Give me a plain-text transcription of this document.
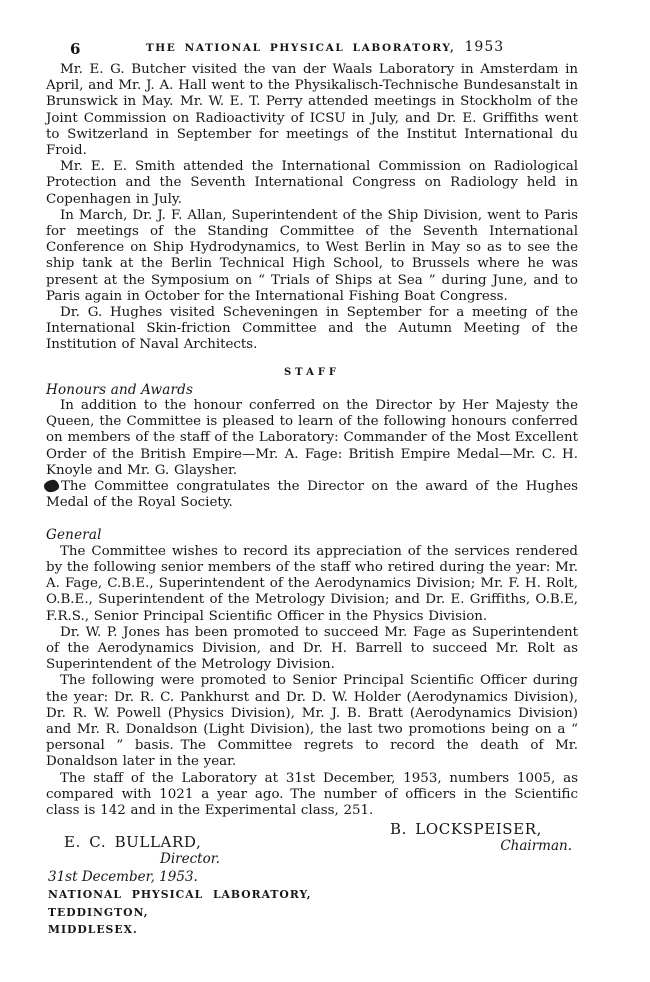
6	THE NATIONAL PHYSICAL LABORATORY, 1953

Mr. E. G. Butcher visited the van der Waals Laboratory in Amsterdam in April, and Mr. J. A. Hall went to the Physikalisch-Technische Bundesanstalt in Brunswick in May. Mr. W. E. T. Perry attended meetings in Stockholm of the Joint Commission on Radioactivity of ICSU in July, and Dr. E. Griffiths went to Switzerland in September for meetings of the Institut International du Froid.

Mr. E. E. Smith attended the International Commission on Radiological Protection and the Seventh International Congress on Radiology held in Copenhagen in July.

In March, Dr. J. F. Allan, Superintendent of the Ship Division, went to Paris for meetings of the Standing Committee of the Seventh International Conference on Ship Hydrodynamics, to West Berlin in May so as to see the ship tank at the Berlin Technical High School, to Brussels where he was present at the Symposium on “ Trials of Ships at Sea ” during June, and to Paris again in October for the International Fishing Boat Congress.

Dr. G. Hughes visited Scheveningen in September for a meeting of the International Skin-friction Committee and the Autumn Meeting of the Institution of Naval Architects.

STAFF
Honours and Awards

In addition to the honour conferred on the Director by Her Majesty the Queen, the Committee is pleased to learn of the following honours conferred on members of the staff of the Laboratory: Commander of the Most Excellent Order of the British Empire—Mr. A. Fage: British Empire Medal—Mr. C. H. Knoyle and Mr. G. Glaysher.

The Committee congratulates the Director on the award of the Hughes Medal of the Royal Society.

General

The Committee wishes to record its appreciation of the services rendered by the following senior members of the staff who retired during the year: Mr. A. Fage, C.B.E., Superintendent of the Aerodynamics Division; Mr. F. H. Rolt, O.B.E., Superintendent of the Metrology Division; and Dr. E. Griffiths, O.B.E, F.R.S., Senior Principal Scientific Officer in the Physics Division.

Dr. W. P. Jones has been promoted to succeed Mr. Fage as Superintendent of the Aerodynamics Division, and Dr. H. Barrell to succeed Mr. Rolt as Superintendent of the Metrology Division.

The following were promoted to Senior Principal Scientific Officer during the year: Dr. R. C. Pankhurst and Dr. D. W. Holder (Aerodynamics Division), Dr. R. W. Powell (Physics Division), Mr. J. B. Bratt (Aerodynamics Division) and Mr. R. Donaldson (Light Division), the last two promotions being on a “ personal ” basis. The Committee regrets to record the death of Mr. Donaldson later in the year.

The staff of the Laboratory at 31st December, 1953, numbers 1005, as compared with 1021 a year ago. The number of officers in the Scientific class is 142 and in the Experimental class, 251.

B. LOCKSPEISER,
Chairman.
E. C. BULLARD,
Director.
31st December, 1953.
NATIONAL PHYSICAL LABORATORY,
TEDDINGTON,
MIDDLESEX.
